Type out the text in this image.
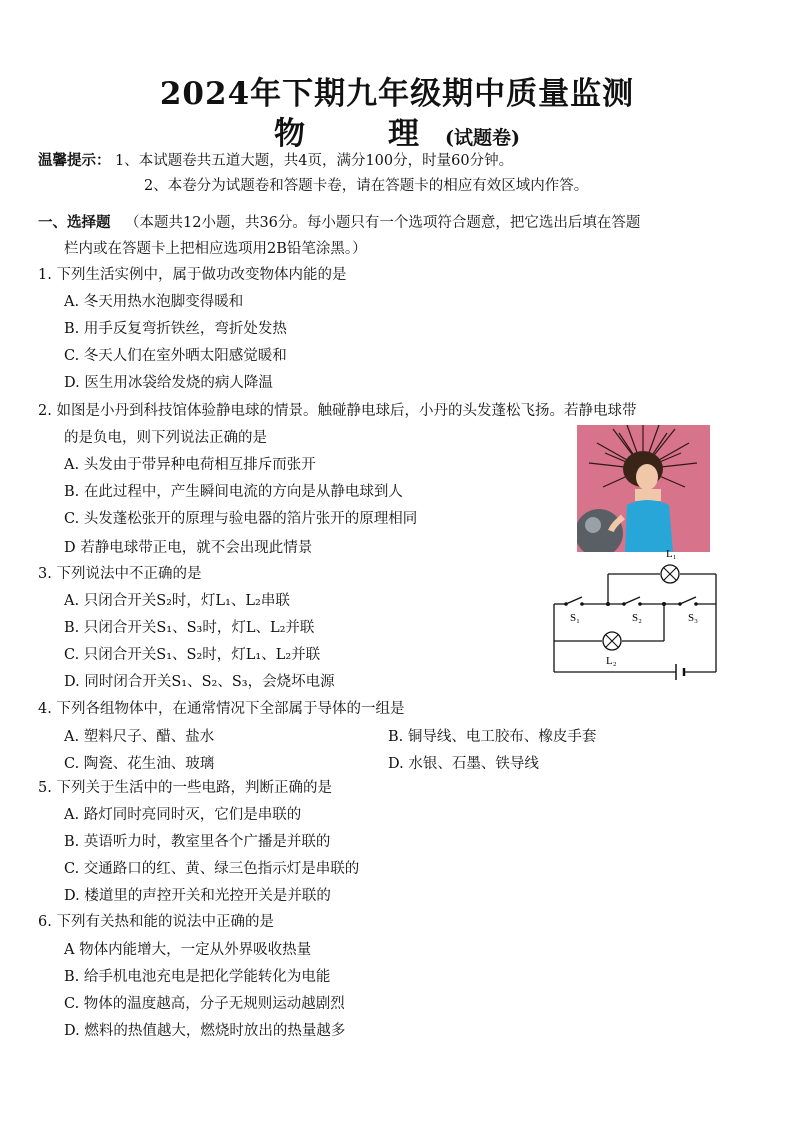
2024年下期九年级期中质量监测
物　理(试题卷)
温馨提示： 1、本试题卷共五道大题，共4页，满分100分，时量60分钟。
2、本卷分为试题卷和答题卡卷，请在答题卡的相应有效区域内作答。
一、选择题 （本题共12小题，共36分。每小题只有一个选项符合题意，把它选出后填在答题
栏内或在答题卡上把相应选项用2B铅笔涂黑。）
1. 下列生活实例中，属于做功改变物体内能的是
A. 冬天用热水泡脚变得暖和
B. 用手反复弯折铁丝，弯折处发热
C. 冬天人们在室外晒太阳感觉暖和
D. 医生用冰袋给发烧的病人降温
2. 如图是小丹到科技馆体验静电球的情景。触碰静电球后，小丹的头发蓬松飞扬。若静电球带
的是负电，则下列说法正确的是
A. 头发由于带异种电荷相互排斥而张开
B. 在此过程中，产生瞬间电流的方向是从静电球到人
C. 头发蓬松张开的原理与验电器的箔片张开的原理相同
D 若静电球带正电，就不会出现此情景
3. 下列说法中不正确的是
A. 只闭合开关S₂时，灯L₁、L₂串联
B. 只闭合开关S₁、S₃时，灯L、L₂并联
C. 只闭合开关S₁、S₂时，灯L₁、L₂并联
D. 同时闭合开关S₁、S₂、S₃，会烧坏电源
L₁
L₂
S₁	S₂	S₃
4. 下列各组物体中，在通常情况下全部属于导体的一组是
A. 塑料尺子、醋、盐水	B. 铜导线、电工胶布、橡皮手套
C. 陶瓷、花生油、玻璃	D. 水银、石墨、铁导线
5. 下列关于生活中的一些电路，判断正确的是
A. 路灯同时亮同时灭，它们是串联的
B. 英语听力时，教室里各个广播是并联的
C. 交通路口的红、黄、绿三色指示灯是串联的
D. 楼道里的声控开关和光控开关是并联的
6. 下列有关热和能的说法中正确的是
A 物体内能增大，一定从外界吸收热量
B. 给手机电池充电是把化学能转化为电能
C. 物体的温度越高，分子无规则运动越剧烈
D. 燃料的热值越大，燃烧时放出的热量越多
